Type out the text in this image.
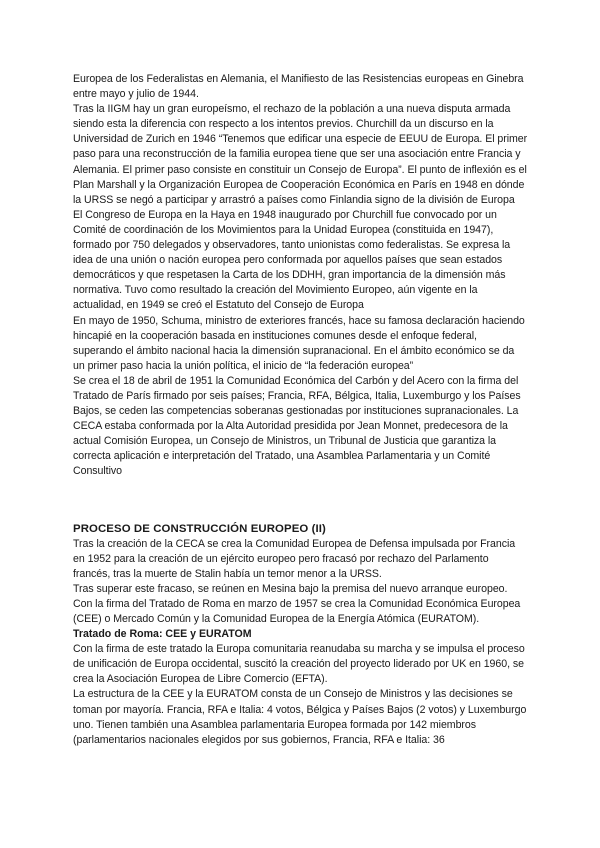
Europea de los Federalistas en Alemania, el Manifiesto de las Resistencias europeas en Ginebra entre mayo y julio de 1944.

Tras la IIGM hay un gran europeísmo, el rechazo de la población a una nueva disputa armada siendo esta la diferencia con respecto a los intentos previos. Churchill da un discurso en la Universidad de Zurich en 1946 “Tenemos que edificar una especie de EEUU de Europa. El primer paso para una reconstrucción de la familia europea tiene que ser una asociación entre Francia y Alemania. El primer paso consiste en constituir un Consejo de Europa”. El punto de inflexión es el Plan Marshall y la Organización Europea de Cooperación Económica en París en 1948 en dónde la URSS se negó a participar y arrastró a países como Finlandia signo de la división de Europa

El Congreso de Europa en la Haya en 1948 inaugurado por Churchill fue convocado por un Comité de coordinación de los Movimientos para la Unidad Europea (constituida en 1947), formado por 750 delegados y observadores, tanto unionistas como federalistas. Se expresa la idea de una unión o nación europea pero conformada por aquellos países que sean estados democráticos y que respetasen la Carta de los DDHH, gran importancia de la dimensión más normativa. Tuvo como resultado la creación del Movimiento Europeo, aún vigente en la actualidad, en 1949 se creó el Estatuto del Consejo de Europa

En mayo de 1950, Schuma, ministro de exteriores francés, hace su famosa declaración haciendo hincapié en la cooperación basada en instituciones comunes desde el enfoque federal, superando el ámbito nacional hacia la dimensión supranacional. En el ámbito económico se da un primer paso hacia la unión política, el inicio de “la federación europea”

Se crea el 18 de abril de 1951 la Comunidad Económica del Carbón y del Acero con la firma del Tratado de París firmado por seis países; Francia, RFA, Bélgica, Italia, Luxemburgo y los Países Bajos, se ceden las competencias soberanas gestionadas por instituciones supranacionales. La CECA estaba conformada por la Alta Autoridad presidida por Jean Monnet, predecesora de la actual Comisión Europea, un Consejo de Ministros, un Tribunal de Justicia que garantiza la correcta aplicación e interpretación del Tratado, una Asamblea Parlamentaria y un Comité Consultivo

PROCESO DE CONSTRUCCIÓN EUROPEO (II)

Tras la creación de la CECA se crea la Comunidad Europea de Defensa impulsada por Francia en 1952 para la creación de un ejército europeo pero fracasó por rechazo del Parlamento francés, tras la muerte de Stalin había un temor menor a la URSS.

Tras superar este fracaso, se reúnen en Mesina bajo la premisa del nuevo arranque europeo. Con la firma del Tratado de Roma en marzo de 1957 se crea la Comunidad Económica Europea (CEE) o Mercado Común y la Comunidad Europea de la Energía Atómica (EURATOM).

Tratado de Roma: CEE y EURATOM

Con la firma de este tratado la Europa comunitaria reanudaba su marcha y se impulsa el proceso de unificación de Europa occidental, suscitó la creación del proyecto liderado por UK en 1960, se crea la Asociación Europea de Libre Comercio (EFTA).

La estructura de la CEE y la EURATOM consta de un Consejo de Ministros y las decisiones se toman por mayoría. Francia, RFA e Italia: 4 votos, Bélgica y Países Bajos (2 votos) y Luxemburgo uno. Tienen también una Asamblea parlamentaria Europea formada por 142 miembros (parlamentarios nacionales elegidos por sus gobiernos, Francia, RFA e Italia: 36
